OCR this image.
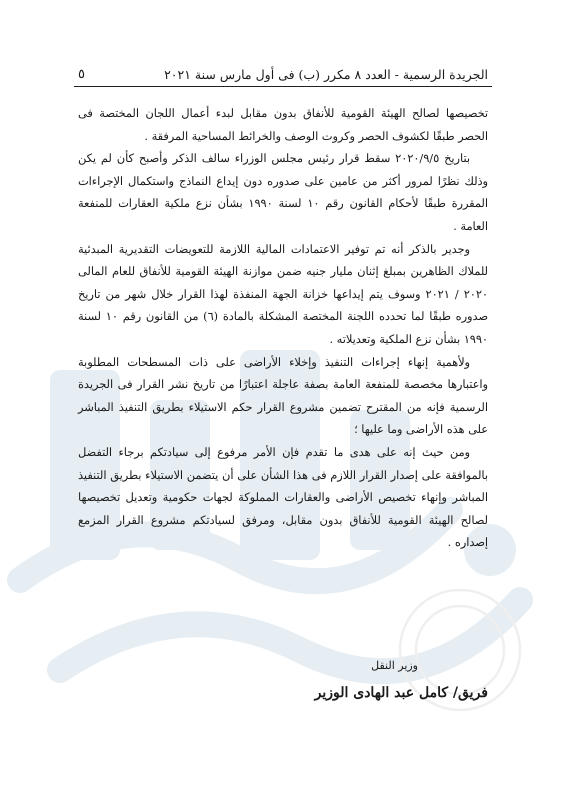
الجريدة الرسمية - العدد ٨ مكرر (ب) فى أول مارس سنة ٢٠٢١
٥

تخصيصها لصالح الهيئة القومية للأنفاق بدون مقابل لبدء أعمال اللجان المختصة فى الحصر طبقًا لكشوف الحصر وكروت الوصف والخرائط المساحية المرفقة .

بتاريخ ٢٠٢٠/٩/٥ سقط قرار رئيس مجلس الوزراء سالف الذكر وأصبح كأن لم يكن وذلك نظرًا لمرور أكثر من عامين على صدوره دون إيداع النماذج واستكمال الإجراءات المقررة طبقًا لأحكام القانون رقم ١٠ لسنة ١٩٩٠ بشأن نزع ملكية العقارات للمنفعة العامة .

وجدير بالذكر أنه تم توفير الاعتمادات المالية اللازمة للتعويضات التقديرية المبدئية للملاك الظاهرين بمبلغ إثنان مليار جنيه ضمن موازنة الهيئة القومية للأنفاق للعام المالى ٢٠٢٠ / ٢٠٢١ وسوف يتم إيداعها خزانة الجهة المنفذة لهذا القرار خلال شهر من تاريخ صدوره طبقًا لما تحدده اللجنة المختصة المشكلة بالمادة (٦) من القانون رقم ١٠ لسنة ١٩٩٠ بشأن نزع الملكية وتعديلاته .

ولأهمية إنهاء إجراءات التنفيذ وإخلاء الأراضى على ذات المسطحات المطلوبة واعتبارها مخصصة للمنفعة العامة بصفة عاجلة اعتبارًا من تاريخ نشر القرار فى الجريدة الرسمية فإنه من المقترح تضمين مشروع القرار حكم الاستيلاء بطريق التنفيذ المباشر على هذه الأراضى وما عليها ؛

ومن حيث إنه على هدى ما تقدم فإن الأمر مرفوع إلى سيادتكم برجاء التفضل بالموافقة على إصدار القرار اللازم فى هذا الشأن على أن يتضمن الاستيلاء بطريق التنفيذ المباشر وإنهاء تخصيص الأراضى والعقارات المملوكة لجهات حكومية وتعديل تخصيصها لصالح الهيئة القومية للأنفاق بدون مقابل، ومرفق لسيادتكم مشروع القرار المزمع إصداره .

وزير النقل
فريق/ كامل عبد الهادى الوزير
